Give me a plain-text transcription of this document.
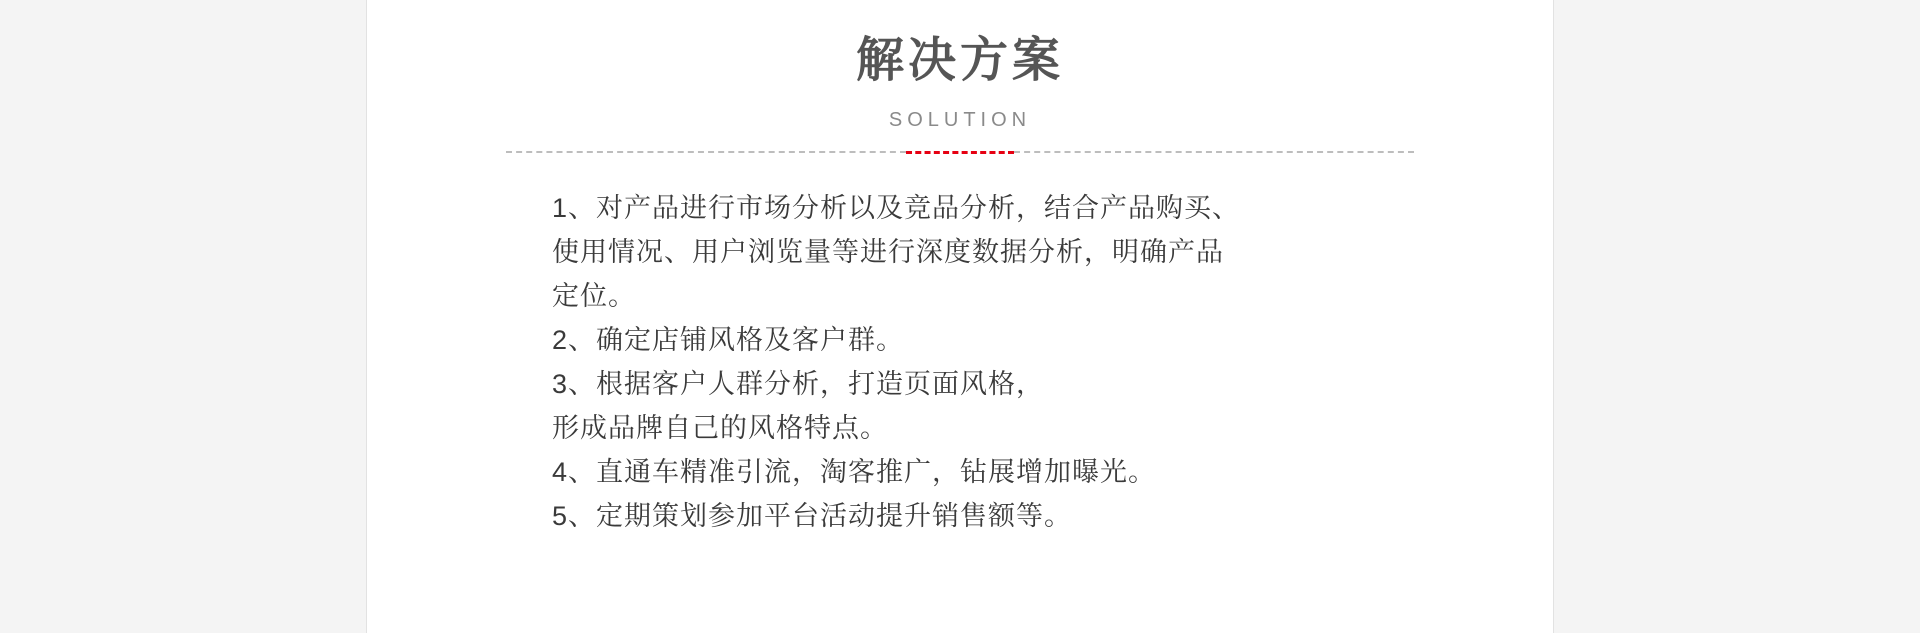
解决方案
SOLUTION

1、对产品进行市场分析以及竞品分析，结合产品购买、

使用情况、用户浏览量等进行深度数据分析，明确产品

定位。

2、确定店铺风格及客户群。

3、根据客户人群分析，打造页面风格，

形成品牌自己的风格特点。

4、直通车精准引流，淘客推广，钻展增加曝光。

5、定期策划参加平台活动提升销售额等。
